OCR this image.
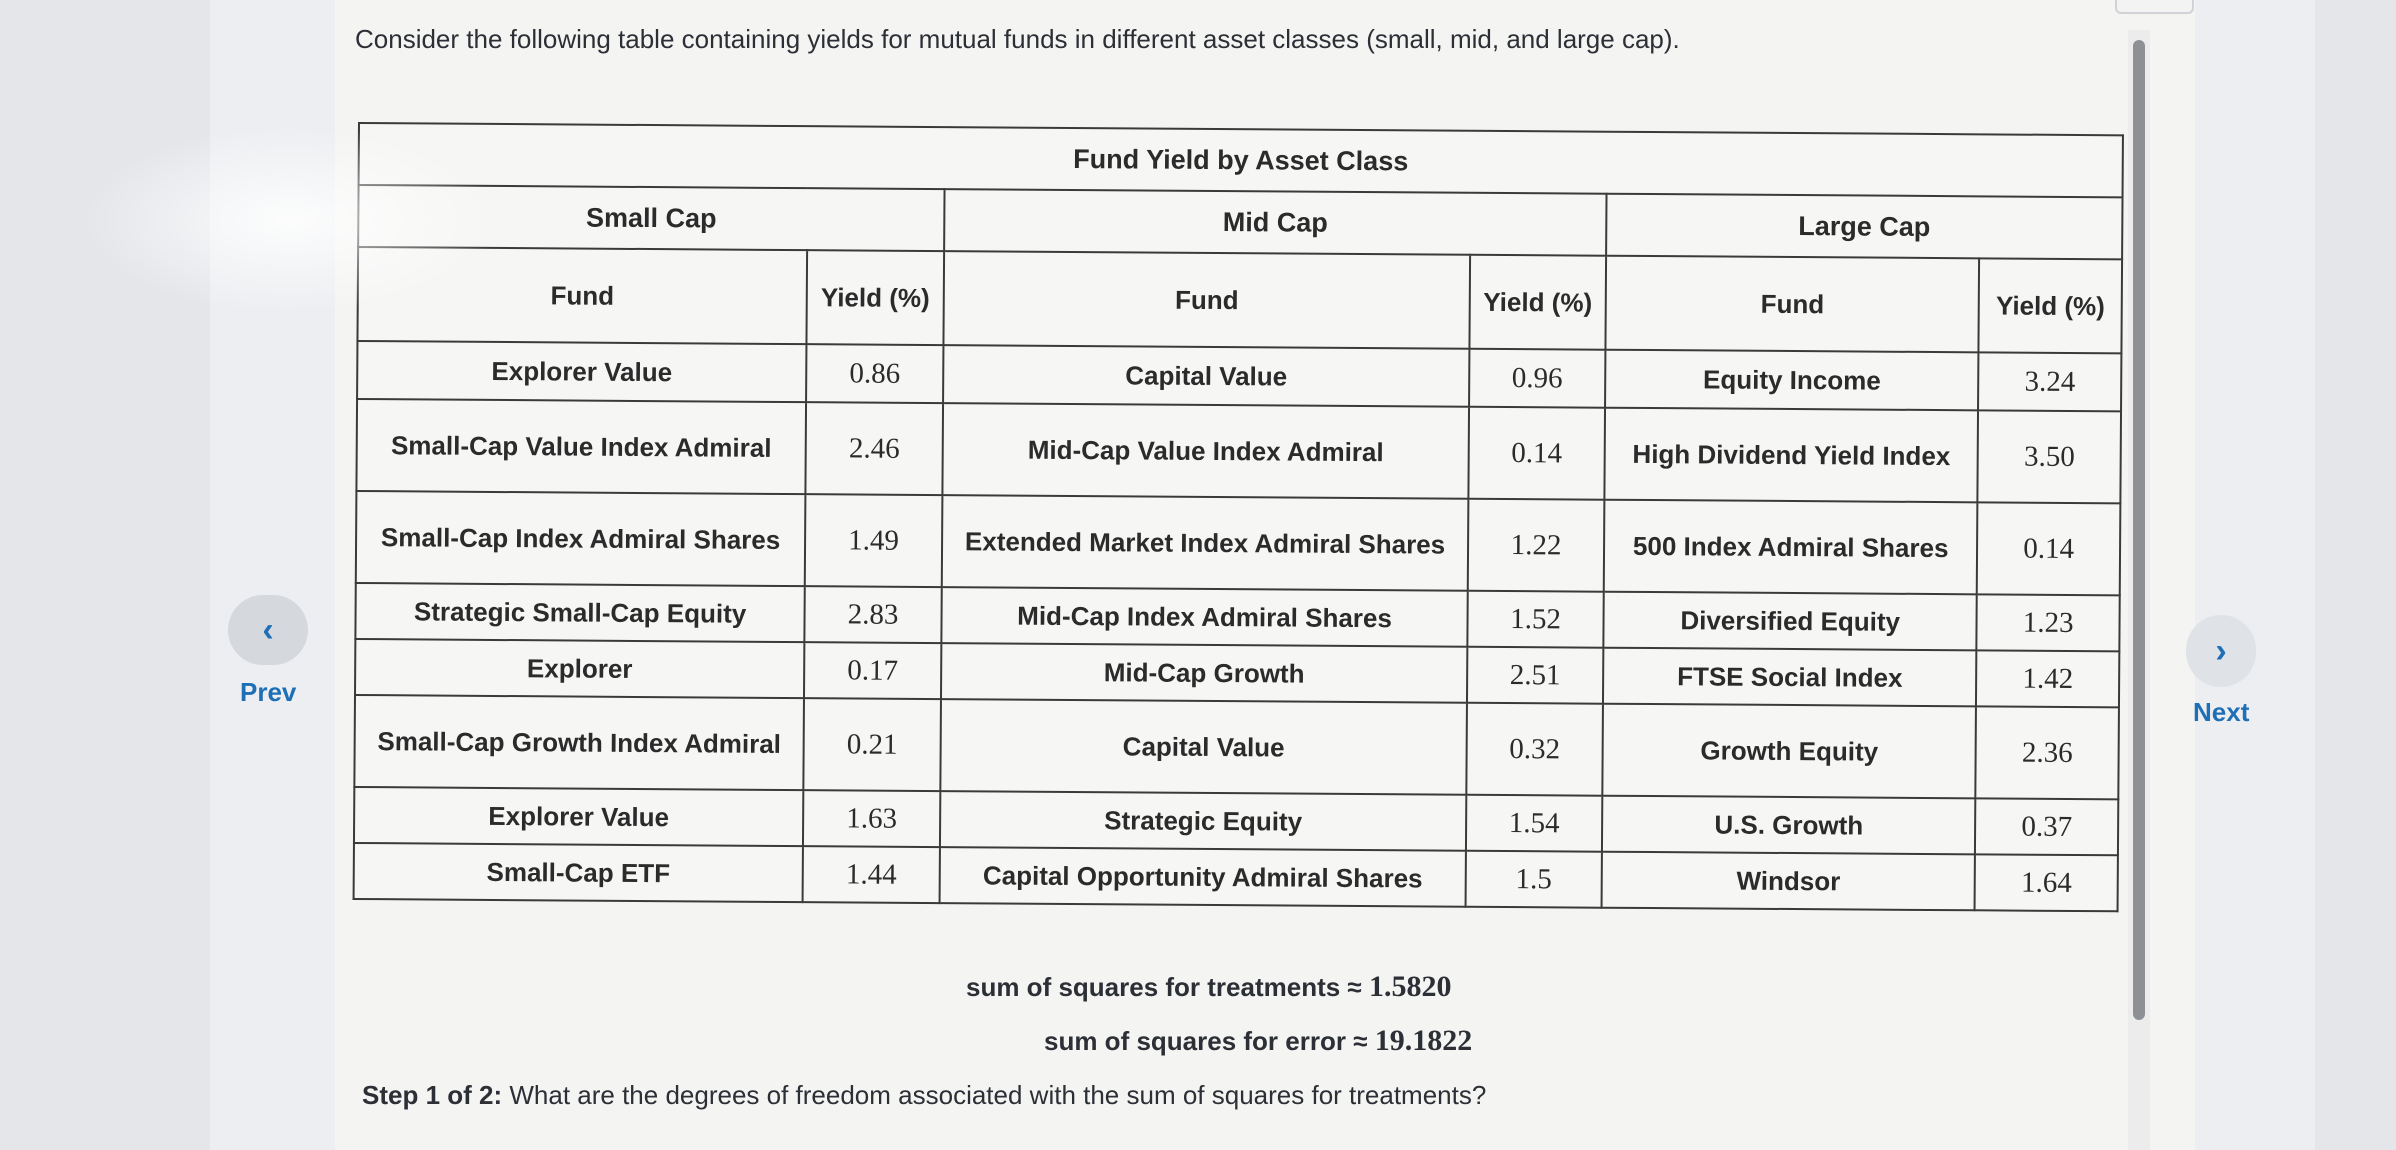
Consider the following table containing yields for mutual funds in different asset classes (small, mid, and large cap).
Fund Yield by Asset Class					
Small Cap		Mid Cap		Large Cap	
Fund	Yield (%)	Fund	Yield (%)	Fund	Yield (%)
Explorer Value	0.86	Capital Value	0.96	Equity Income	3.24
Small-Cap Value Index Admiral	2.46	Mid-Cap Value Index Admiral	0.14	High Dividend Yield Index	3.50
Small-Cap Index Admiral Shares	1.49	Extended Market Index Admiral Shares	1.22	500 Index Admiral Shares	0.14
Strategic Small-Cap Equity	2.83	Mid-Cap Index Admiral Shares	1.52	Diversified Equity	1.23
Explorer	0.17	Mid-Cap Growth	2.51	FTSE Social Index	1.42
Small-Cap Growth Index Admiral	0.21	Capital Value	0.32	Growth Equity	2.36
Explorer Value	1.63	Strategic Equity	1.54	U.S. Growth	0.37
Small-Cap ETF	1.44	Capital Opportunity Admiral Shares	1.5	Windsor	1.64
sum of squares for treatments ≈ 1.5820
sum of squares for error ≈ 19.1822
Step 1 of 2: What are the degrees of freedom associated with the sum of squares for treatments?
‹
Prev
›
Next
